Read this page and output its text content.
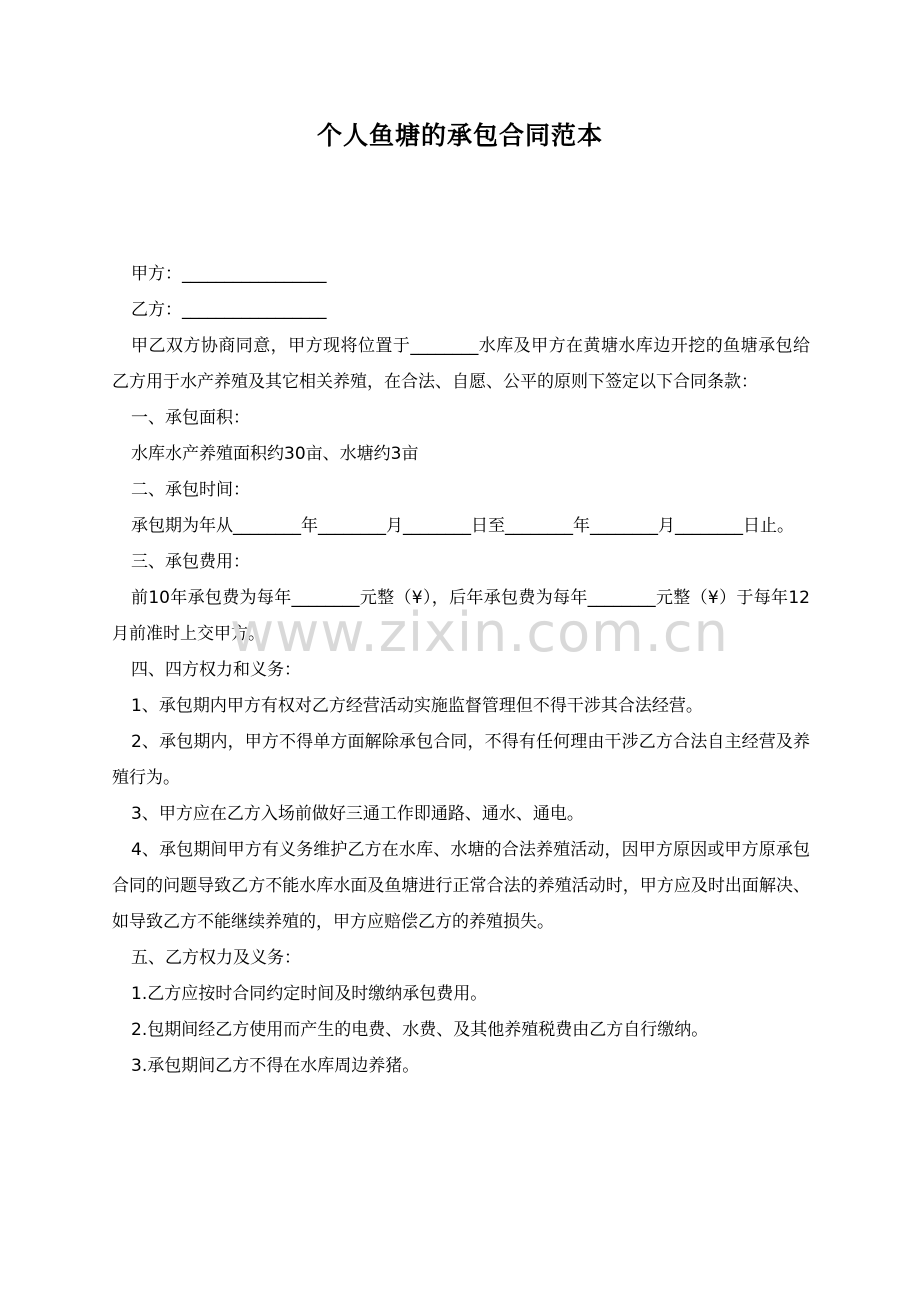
个人鱼塘的承包合同范本

甲方：_________________

乙方：_________________

甲乙双方协商同意，甲方现将位置于________水库及甲方在黄塘水库边开挖的鱼塘承包给乙方用于水产养殖及其它相关养殖，在合法、自愿、公平的原则下签定以下合同条款：

一、承包面积：

水库水产养殖面积约30亩、水塘约3亩

二、承包时间：

承包期为年从________年________月________日至________年________月________日止。

三、承包费用：

前10年承包费为每年________元整（¥），后年承包费为每年________元整（¥）于每年12月前准时上交甲方。

四、四方权力和义务：

1、承包期内甲方有权对乙方经营活动实施监督管理但不得干涉其合法经营。

2、承包期内，甲方不得单方面解除承包合同，不得有任何理由干涉乙方合法自主经营及养殖行为。

3、甲方应在乙方入场前做好三通工作即通路、通水、通电。

4、承包期间甲方有义务维护乙方在水库、水塘的合法养殖活动，因甲方原因或甲方原承包合同的问题导致乙方不能水库水面及鱼塘进行正常合法的养殖活动时，甲方应及时出面解决、如导致乙方不能继续养殖的，甲方应赔偿乙方的养殖损失。

五、乙方权力及义务：

1.乙方应按时合同约定时间及时缴纳承包费用。

2.包期间经乙方使用而产生的电费、水费、及其他养殖税费由乙方自行缴纳。

3.承包期间乙方不得在水库周边养猪。

www.zixin.com.cn
